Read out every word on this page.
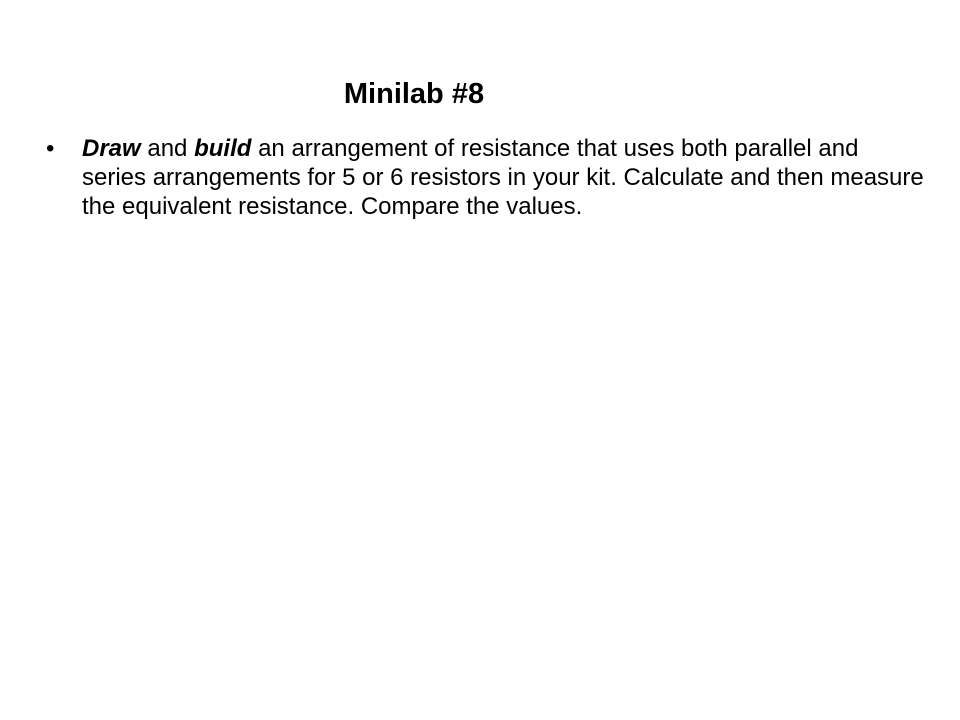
Minilab #8
• Draw and build an arrangement of resistance that uses both parallel and series arrangements for 5 or 6 resistors in your kit. Calculate and then measure the equivalent resistance. Compare the values.
